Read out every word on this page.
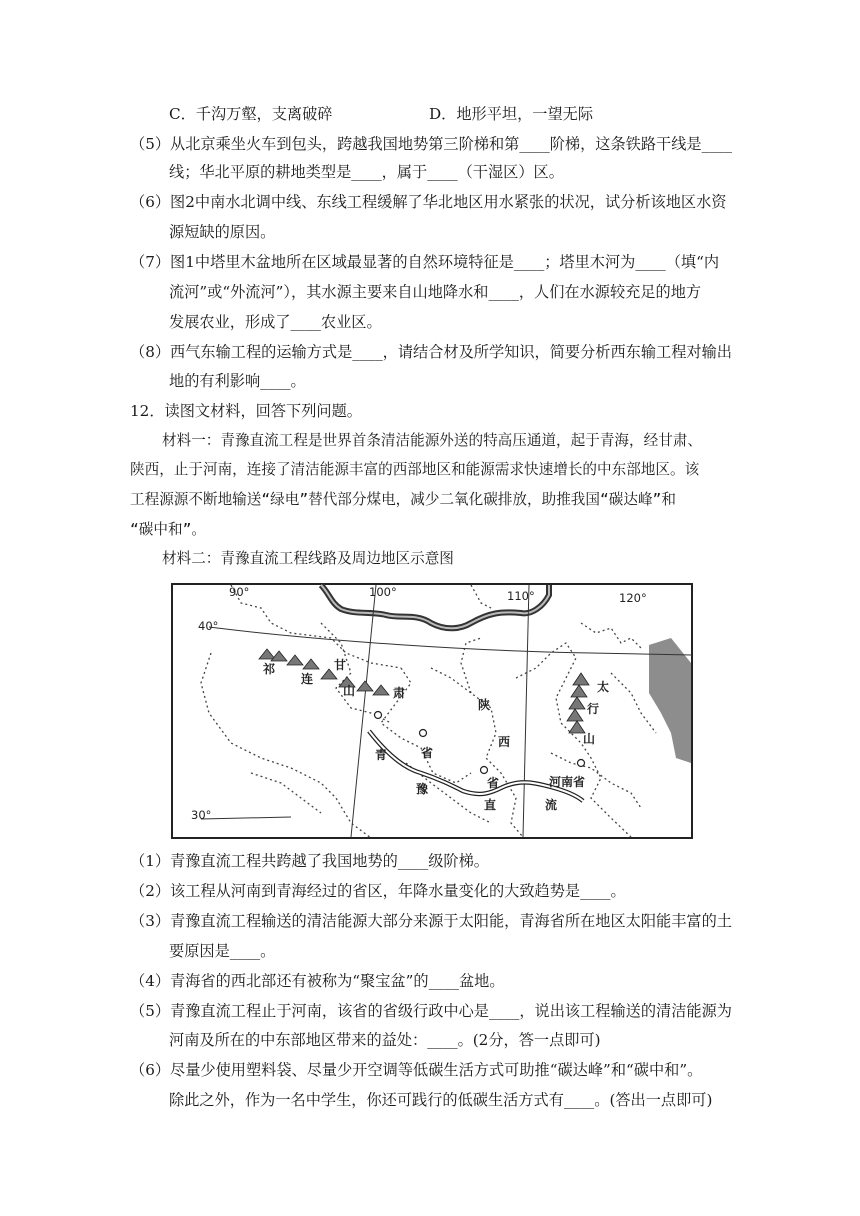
C．千沟万壑，支离破碎	D．地形平坦，一望无际
（5）从北京乘坐火车到包头，跨越我国地势第三阶梯和第____阶梯，这条铁路干线是____
线；华北平原的耕地类型是____，属于____（干湿区）区。
（6）图2中南水北调中线、东线工程缓解了华北地区用水紧张的状况，试分析该地区水资
源短缺的原因。
（7）图1中塔里木盆地所在区域最显著的自然环境特征是____；塔里木河为____（填“内
流河”或“外流河”），其水源主要来自山地降水和____，人们在水源较充足的地方
发展农业，形成了____农业区。
（8）西气东输工程的运输方式是____，请结合材及所学知识，简要分析西东输工程对输出
地的有利影响____。
12．读图文材料，回答下列问题。
材料一：青豫直流工程是世界首条清洁能源外送的特高压通道，起于青海，经甘肃、
陕西，止于河南，连接了清洁能源丰富的西部地区和能源需求快速增长的中东部地区。该
工程源源不断地输送“绿电”替代部分煤电，减少二氧化碳排放，助推我国“碳达峰”和
“碳中和”。
材料二：青豫直流工程线路及周边地区示意图
90°	100°	110°	120°
40°
30°
祁
连
山
甘
肃
陕
西
太
行
山
青	省
省	河南省
豫
直	流
（1）青豫直流工程共跨越了我国地势的____级阶梯。
（2）该工程从河南到青海经过的省区，年降水量变化的大致趋势是____。
（3）青豫直流工程输送的清洁能源大部分来源于太阳能，青海省所在地区太阳能丰富的土
要原因是____。
（4）青海省的西北部还有被称为“聚宝盆”的____盆地。
（5）青豫直流工程止于河南，该省的省级行政中心是____，说出该工程输送的清洁能源为
河南及所在的中东部地区带来的益处：____。(2分，答一点即可)
（6）尽量少使用塑料袋、尽量少开空调等低碳生活方式可助推“碳达峰”和“碳中和”。
除此之外，作为一名中学生，你还可践行的低碳生活方式有____。(答出一点即可)
